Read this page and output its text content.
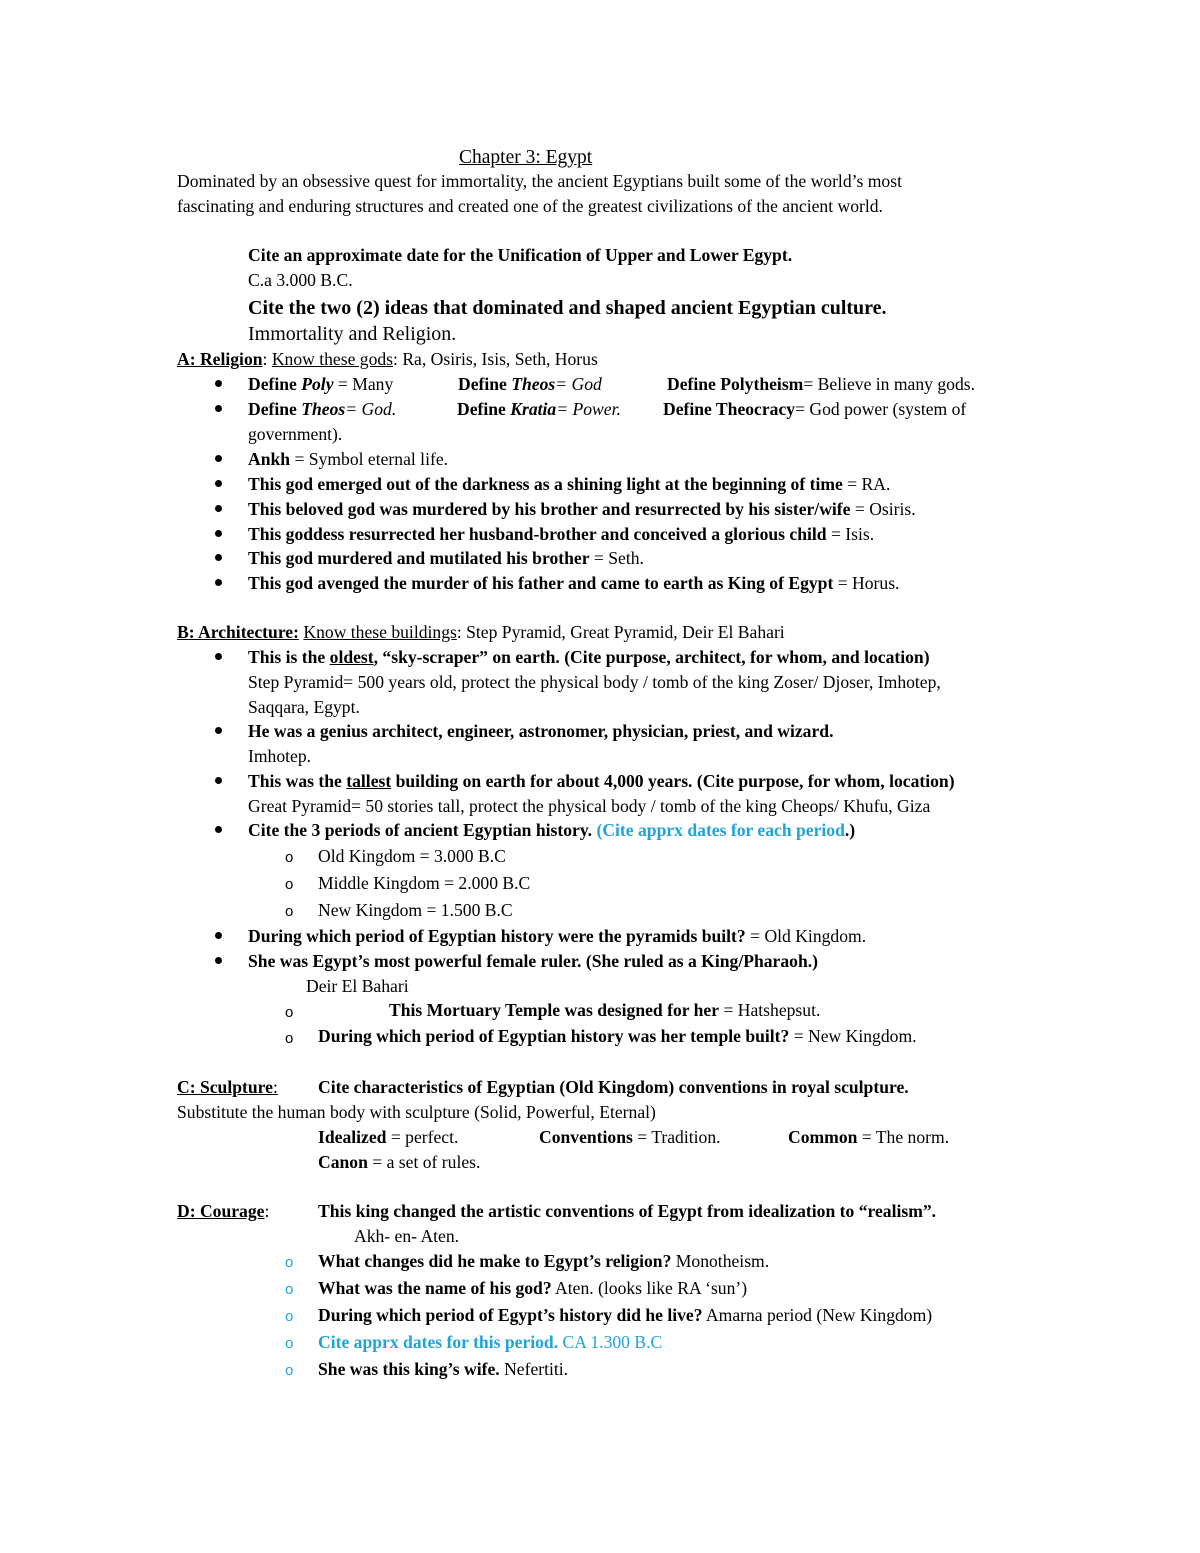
Chapter 3: Egypt
Dominated by an obsessive quest for immortality, the ancient Egyptians built some of the world’s most
fascinating and enduring structures and created one of the greatest civilizations of the ancient world.
Cite an approximate date for the Unification of Upper and Lower Egypt.
C.a 3.000 B.C.
Cite the two (2) ideas that dominated and shaped ancient Egyptian culture.
Immortality and Religion.
A: Religion: Know these gods: Ra, Osiris, Isis, Seth, Horus
Define Poly = Many	Define Theos= God	Define Polytheism= Believe in many gods.
Define Theos= God.	Define Kratia= Power. Define Theocracy= God power (system of
government).
Ankh = Symbol eternal life.
This god emerged out of the darkness as a shining light at the beginning of time = RA.
This beloved god was murdered by his brother and resurrected by his sister/wife = Osiris.
This goddess resurrected her husband-brother and conceived a glorious child = Isis.
This god murdered and mutilated his brother = Seth.
This god avenged the murder of his father and came to earth as King of Egypt = Horus.
B: Architecture: Know these buildings: Step Pyramid, Great Pyramid, Deir El Bahari
This is the oldest, “sky-scraper” on earth. (Cite purpose, architect, for whom, and location)
Step Pyramid= 500 years old, protect the physical body / tomb of the king Zoser/ Djoser, Imhotep,
Saqqara, Egypt.
He was a genius architect, engineer, astronomer, physician, priest, and wizard.
Imhotep.
This was the tallest building on earth for about 4,000 years. (Cite purpose, for whom, location)
Great Pyramid= 50 stories tall, protect the physical body / tomb of the king Cheops/ Khufu, Giza
Cite the 3 periods of ancient Egyptian history. (Cite apprx dates for each period.)
o Old Kingdom = 3.000 B.C
o Middle Kingdom = 2.000 B.C
o New Kingdom = 1.500 B.C
During which period of Egyptian history were the pyramids built? = Old Kingdom.
She was Egypt’s most powerful female ruler. (She ruled as a King/Pharaoh.)
Deir El Bahari
o	This Mortuary Temple was designed for her = Hatshepsut.
o During which period of Egyptian history was her temple built? = New Kingdom.
C: Sculpture: Cite characteristics of Egyptian (Old Kingdom) conventions in royal sculpture.
Substitute the human body with sculpture (Solid, Powerful, Eternal)
Idealized = perfect.	Conventions = Tradition.	Common = The norm.
Canon = a set of rules.
D: Courage:	This king changed the artistic conventions of Egypt from idealization to “realism”.
Akh- en- Aten.
o What changes did he make to Egypt’s religion? Monotheism.
o What was the name of his god? Aten. (looks like RA ‘sun’)
o During which period of Egypt’s history did he live? Amarna period (New Kingdom)
o Cite apprx dates for this period. CA 1.300 B.C
o She was this king’s wife. Nefertiti.
